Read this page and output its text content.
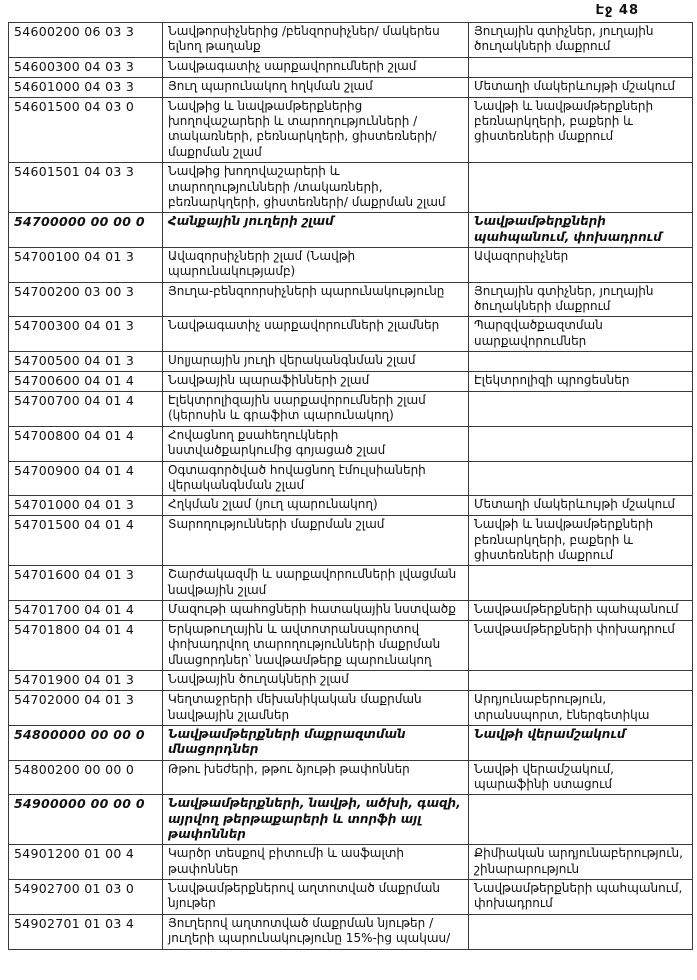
Էջ 48
54600200 06 03 3	Նավթորսիչներից /բենզորսիչներ/ մակերես ելնող թաղանք	Յուղային գտիչներ, յուղային ծուղակների մաքրում
54600300 04 03 3	Նավթագատիչ սարքավորումների շլամ	
54601000 04 03 3	Յուղ պարունակող հղկման շլամ	Մետաղի մակերևույթի մշակում
54601500 04 03 0	Նավթից և նավթամթերքներից խողովաշարերի և տարողությունների /տակառների, բեռնարկղերի, ցիստեռների/ մաքրման շլամ	Նավթի և նավթամթերքների բեռնարկղերի, բաքերի և ցիստեռների մաքրում
54601501 04 03 3	Նավթից խողովաշարերի և տարողությունների /տակառների, բեռնարկղերի, ցիստեռների/ մաքրման շլամ	
54700000 00 00 0	Հանքային յուղերի շլամ	Նավթամթերքների պահպանում, փոխադրում
54700100 04 01 3	Ավազորսիչների շլամ (Նավթի պարունակությամբ)	Ավազորսիչներ
54700200 03 00 3	Յուղա-բենզոորսիչների պարունակությունը	Յուղային գտիչներ, յուղային ծուղակների մաքրում
54700300 04 01 3	Նավթագատիչ սարքավորումների շլամներ	Պարզվածքազտման սարքավորումներ
54700500 04 01 3	Սոլյարային յուղի վերականգնման շլամ	
54700600 04 01 4	Նավթային պարաֆինների շլամ	Էլեկտրոլիզի պրոցեսներ
54700700 04 01 4	Էլեկտրոլիզային սարքավորումների շլամ (կերոսին և գրաֆիտ պարունակող)	
54700800 04 01 4	Հովացնող քսահեղուկների նստվածքարկումից գոյացած շլամ	
54700900 04 01 4	Օգտագործված հովացնող էմուլսիաների վերականգնման շլամ	
54701000 04 01 3	Հղկման շլամ (յուղ պարունակող)	Մետաղի մակերևույթի մշակում
54701500 04 01 4	Տարողությունների մաքրման շլամ	Նավթի և նավթամթերքների բեռնարկղերի, բաքերի և ցիստեռների մաքրում
54701600 04 01 3	Շարժակազմի և սարքավորումների լվացման նավթային շլամ	
54701700 04 01 4	Մազութի պահոցների հատակային նստվածք	Նավթամթերքների պահպանում
54701800 04 01 4	Երկաթուղային և ավտոտրանսպորտով փոխադրվող տարողությունների մաքրման մնացորդներ՝ նավթամթերք պարունակող	Նավթամթերքների փոխադրում
54701900 04 01 3	Նավթային ծուղակների շլամ	
54702000 04 01 3	Կեղտաջրերի մեխանիկական մաքրման նավթային շլամներ	Արդյունաբերություն, տրանսպորտ, էներգետիկա
54800000 00 00 0	Նավթամթերքների մաքրազտման մնացորդներ	Նավթի վերամշակում
54800200 00 00 0	Թթու խեժերի, թթու ձյութի թափոններ	Նավթի վերամշակում, պարաֆինի ստացում
54900000 00 00 0	Նավթամթերքների, նավթի, ածխի, գազի, այրվող թերթաքարերի և տորֆի այլ թափոններ	
54901200 01 00 4	Կարծր տեսքով բիտումի և ասֆալտի թափոններ	Քիմիական արդյունաբերություն, շինարարություն
54902700 01 03 0	Նավթամթերքներով աղտոտված մաքրման նյութեր	Նավթամթերքների պահպանում, փոխադրում
54902701 01 03 4	Յուղերով աղտոտված մաքրման նյութեր /յուղերի պարունակությունը 15%-ից պակաս/	
